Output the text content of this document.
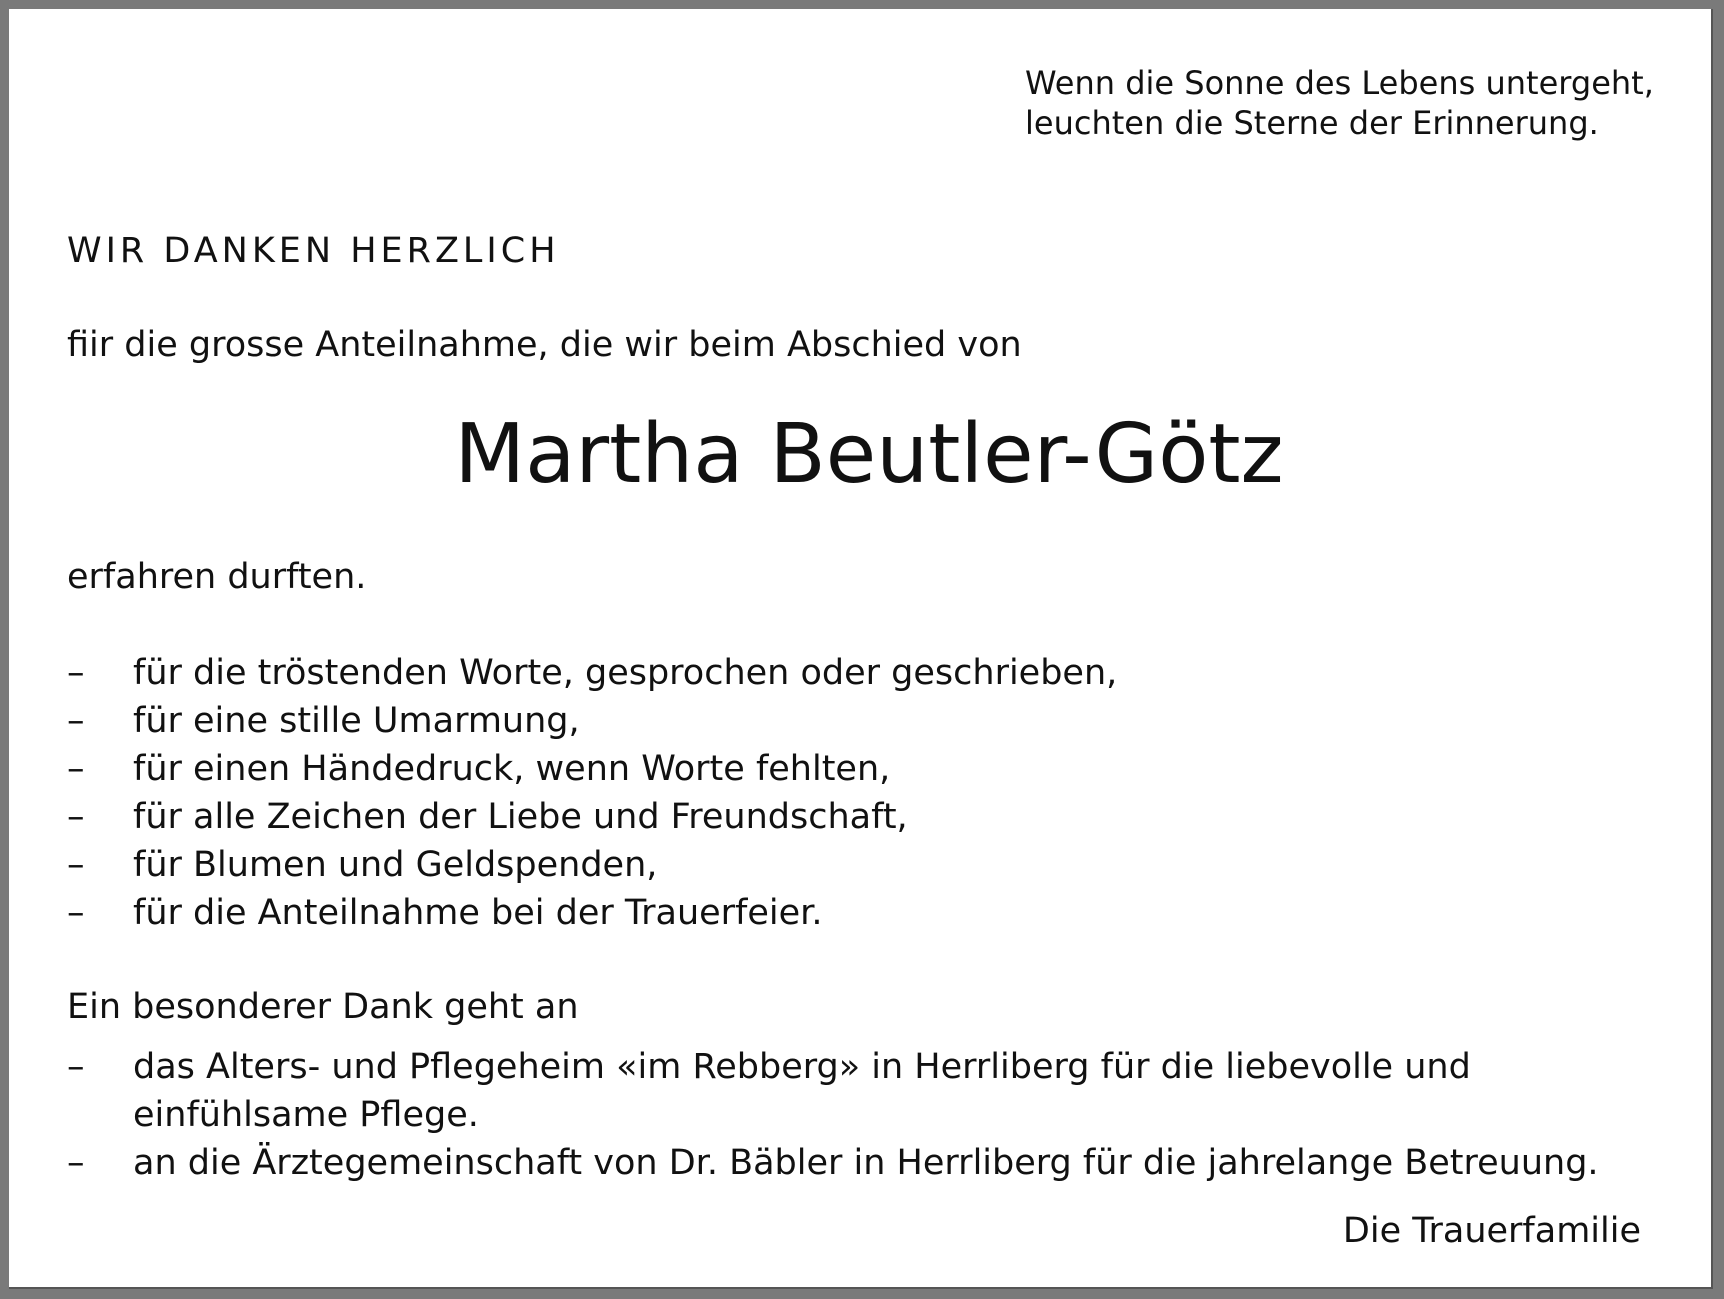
Wenn die Sonne des Lebens untergeht,
leuchten die Sterne der Erinnerung.
WIR DANKEN HERZLICH

fiir die grosse Anteilnahme, die wir beim Abschied von

Martha Beutler-Götz

erfahren durften.

– für die tröstenden Worte, gesprochen oder geschrieben,
– für eine stille Umarmung,
– für einen Händedruck, wenn Worte fehlten,
– für alle Zeichen der Liebe und Freundschaft,
– für Blumen und Geldspenden,
– für die Anteilnahme bei der Trauerfeier.

Ein besonderer Dank geht an

– das Alters- und Pflegeheim «im Rebberg» in Herrliberg für die liebevolle und einfühlsame Pflege.
– an die Ärztegemeinschaft von Dr. Bäbler in Herrliberg für die jahrelange Betreuung.

Die Trauerfamilie
